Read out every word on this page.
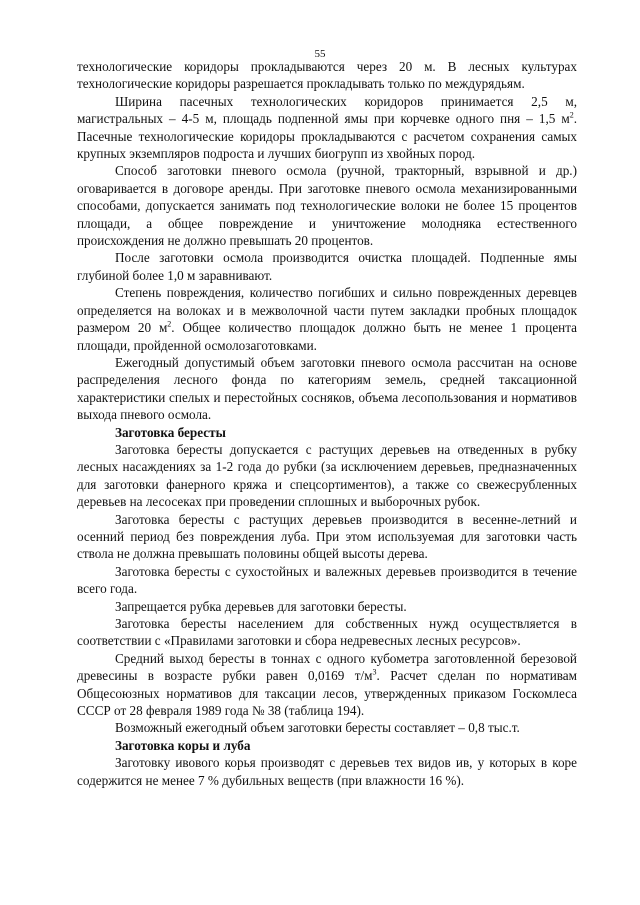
55

технологические коридоры прокладываются через 20 м. В лесных культурах технологические коридоры разрешается прокладывать только по междурядьям.

Ширина пасечных технологических коридоров принимается 2,5 м, магистральных – 4-5 м, площадь подпенной ямы при корчевке одного пня – 1,5 $м^2$. Пасечные технологические коридоры прокладываются с расчетом сохранения самых крупных экземпляров подроста и лучших биогрупп из хвойных пород.

Способ заготовки пневого осмола (ручной, тракторный, взрывной и др.) оговаривается в договоре аренды. При заготовке пневого осмола механизированными способами, допускается занимать под технологические волоки не более 15 процентов площади, а общее повреждение и уничтожение молодняка естественного происхождения не должно превышать 20 процентов.

После заготовки осмола производится очистка площадей. Подпенные ямы глубиной более 1,0 м заравнивают.

Степень повреждения, количество погибших и сильно поврежденных деревцев определяется на волоках и в межволочной части путем закладки пробных площадок размером 20 $м^2$. Общее количество площадок должно быть не менее 1 процента площади, пройденной осмолозаготовками.

Ежегодный допустимый объем заготовки пневого осмола рассчитан на основе распределения лесного фонда по категориям земель, средней таксационной характеристики спелых и перестойных сосняков, объема лесопользования и нормативов выхода пневого осмола.

Заготовка бересты

Заготовка бересты допускается с растущих деревьев на отведенных в рубку лесных насаждениях за 1-2 года до рубки (за исключением деревьев, предназначенных для заготовки фанерного кряжа и спецсортиментов), а также со свежесрубленных деревьев на лесосеках при проведении сплошных и выборочных рубок.

Заготовка бересты с растущих деревьев производится в весенне-летний и осенний период без повреждения луба. При этом используемая для заготовки часть ствола не должна превышать половины общей высоты дерева.

Заготовка бересты с сухостойных и валежных деревьев производится в течение всего года.

Запрещается рубка деревьев для заготовки бересты.

Заготовка бересты населением для собственных нужд осуществляется в соответствии с «Правилами заготовки и сбора недревесных лесных ресурсов».

Средний выход бересты в тоннах с одного кубометра заготовленной березовой древесины в возрасте рубки равен 0,0169 $т/м^3$. Расчет сделан по нормативам Общесоюзных нормативов для таксации лесов, утвержденных приказом Госкомлеса СССР от 28 февраля 1989 года № 38 (таблица 194).

Возможный ежегодный объем заготовки бересты составляет – 0,8 тыс.т.

Заготовка коры и луба

Заготовку ивового корья производят с деревьев тех видов ив, у которых в коре содержится не менее 7 % дубильных веществ (при влажности 16 %).
